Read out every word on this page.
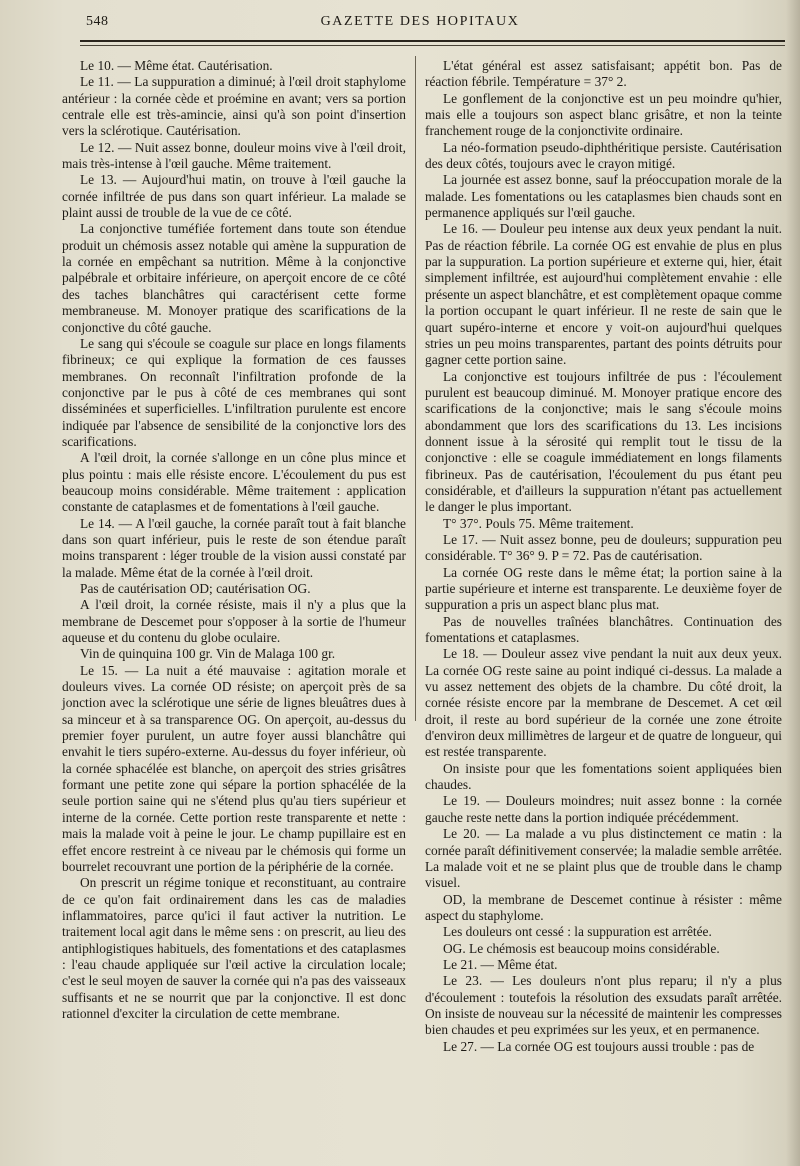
548	GAZETTE DES HOPITAUX

Le 10. — Même état. Cautérisation.

Le 11. — La suppuration a diminué; à l'œil droit staphylome antérieur : la cornée cède et proémine en avant; vers sa portion centrale elle est très-amincie, ainsi qu'à son point d'insertion vers la sclérotique. Cautérisation.

Le 12. — Nuit assez bonne, douleur moins vive à l'œil droit, mais très-intense à l'œil gauche. Même traitement.

Le 13. — Aujourd'hui matin, on trouve à l'œil gauche la cornée infiltrée de pus dans son quart inférieur. La malade se plaint aussi de trouble de la vue de ce côté.

La conjonctive tuméfiée fortement dans toute son étendue produit un chémosis assez notable qui amène la suppuration de la cornée en empêchant sa nutrition. Même à la conjonctive palpébrale et orbitaire inférieure, on aperçoit encore de ce côté des taches blanchâtres qui caractérisent cette forme membraneuse. M. Monoyer pratique des scarifications de la conjonctive du côté gauche.

Le sang qui s'écoule se coagule sur place en longs filaments fibrineux; ce qui explique la formation de ces fausses membranes. On reconnaît l'infiltration profonde de la conjonctive par le pus à côté de ces membranes qui sont disséminées et superficielles. L'infiltration purulente est encore indiquée par l'absence de sensibilité de la conjonctive lors des scarifications.

A l'œil droit, la cornée s'allonge en un cône plus mince et plus pointu : mais elle résiste encore. L'écoulement du pus est beaucoup moins considérable. Même traitement : application constante de cataplasmes et de fomentations à l'œil gauche.

Le 14. — A l'œil gauche, la cornée paraît tout à fait blanche dans son quart inférieur, puis le reste de son étendue paraît moins transparent : léger trouble de la vision aussi constaté par la malade. Même état de la cornée à l'œil droit.

Pas de cautérisation OD; cautérisation OG.

A l'œil droit, la cornée résiste, mais il n'y a plus que la membrane de Descemet pour s'opposer à la sortie de l'humeur aqueuse et du contenu du globe oculaire.

Vin de quinquina 100 gr. Vin de Malaga 100 gr.

Le 15. — La nuit a été mauvaise : agitation morale et douleurs vives. La cornée OD résiste; on aperçoit près de sa jonction avec la sclérotique une série de lignes bleuâtres dues à sa minceur et à sa transparence OG. On aperçoit, au-dessus du premier foyer purulent, un autre foyer aussi blanchâtre qui envahit le tiers supéro-externe. Au-dessus du foyer inférieur, où la cornée sphacélée est blanche, on aperçoit des stries grisâtres formant une petite zone qui sépare la portion sphacélée de la seule portion saine qui ne s'étend plus qu'au tiers supérieur et interne de la cornée. Cette portion reste transparente et nette : mais la malade voit à peine le jour. Le champ pupillaire est en effet encore restreint à ce niveau par le chémosis qui forme un bourrelet recouvrant une portion de la périphérie de la cornée.

On prescrit un régime tonique et reconstituant, au contraire de ce qu'on fait ordinairement dans les cas de maladies inflammatoires, parce qu'ici il faut activer la nutrition. Le traitement local agit dans le même sens : on prescrit, au lieu des antiphlogistiques habituels, des fomentations et des cataplasmes : l'eau chaude appliquée sur l'œil active la circulation locale; c'est le seul moyen de sauver la cornée qui n'a pas des vaisseaux suffisants et ne se nourrit que par la conjonctive. Il est donc rationnel d'exciter la circulation de cette membrane.

L'état général est assez satisfaisant; appétit bon. Pas de réaction fébrile. Température = 37° 2.

Le gonflement de la conjonctive est un peu moindre qu'hier, mais elle a toujours son aspect blanc grisâtre, et non la teinte franchement rouge de la conjonctivite ordinaire.

La néo-formation pseudo-diphthéritique persiste. Cautérisation des deux côtés, toujours avec le crayon mitigé.

La journée est assez bonne, sauf la préoccupation morale de la malade. Les fomentations ou les cataplasmes bien chauds sont en permanence appliqués sur l'œil gauche.

Le 16. — Douleur peu intense aux deux yeux pendant la nuit. Pas de réaction fébrile. La cornée OG est envahie de plus en plus par la suppuration. La portion supérieure et externe qui, hier, était simplement infiltrée, est aujourd'hui complètement envahie : elle présente un aspect blanchâtre, et est complètement opaque comme la portion occupant le quart inférieur. Il ne reste de sain que le quart supéro-interne et encore y voit-on aujourd'hui quelques stries un peu moins transparentes, partant des points détruits pour gagner cette portion saine.

La conjonctive est toujours infiltrée de pus : l'écoulement purulent est beaucoup diminué. M. Monoyer pratique encore des scarifications de la conjonctive; mais le sang s'écoule moins abondamment que lors des scarifications du 13. Les incisions donnent issue à la sérosité qui remplit tout le tissu de la conjonctive : elle se coagule immédiatement en longs filaments fibrineux. Pas de cautérisation, l'écoulement du pus étant peu considérable, et d'ailleurs la suppuration n'étant pas actuellement le danger le plus important.

T° 37°. Pouls 75. Même traitement.

Le 17. — Nuit assez bonne, peu de douleurs; suppuration peu considérable. T° 36° 9. P = 72. Pas de cautérisation.

La cornée OG reste dans le même état; la portion saine à la partie supérieure et interne est transparente. Le deuxième foyer de suppuration a pris un aspect blanc plus mat.

Pas de nouvelles traînées blanchâtres. Continuation des fomentations et cataplasmes.

Le 18. — Douleur assez vive pendant la nuit aux deux yeux. La cornée OG reste saine au point indiqué ci-dessus. La malade a vu assez nettement des objets de la chambre. Du côté droit, la cornée résiste encore par la membrane de Descemet. A cet œil droit, il reste au bord supérieur de la cornée une zone étroite d'environ deux millimètres de largeur et de quatre de longueur, qui est restée transparente.

On insiste pour que les fomentations soient appliquées bien chaudes.

Le 19. — Douleurs moindres; nuit assez bonne : la cornée gauche reste nette dans la portion indiquée précédemment.

Le 20. — La malade a vu plus distinctement ce matin : la cornée paraît définitivement conservée; la maladie semble arrêtée. La malade voit et ne se plaint plus que de trouble dans le champ visuel.

OD, la membrane de Descemet continue à résister : même aspect du staphylome.

Les douleurs ont cessé : la suppuration est arrêtée.

OG. Le chémosis est beaucoup moins considérable.

Le 21. — Même état.

Le 23. — Les douleurs n'ont plus reparu; il n'y a plus d'écoulement : toutefois la résolution des exsudats paraît arrêtée. On insiste de nouveau sur la nécessité de maintenir les compresses bien chaudes et peu exprimées sur les yeux, et en permanence.

Le 27. — La cornée OG est toujours aussi trouble : pas de
